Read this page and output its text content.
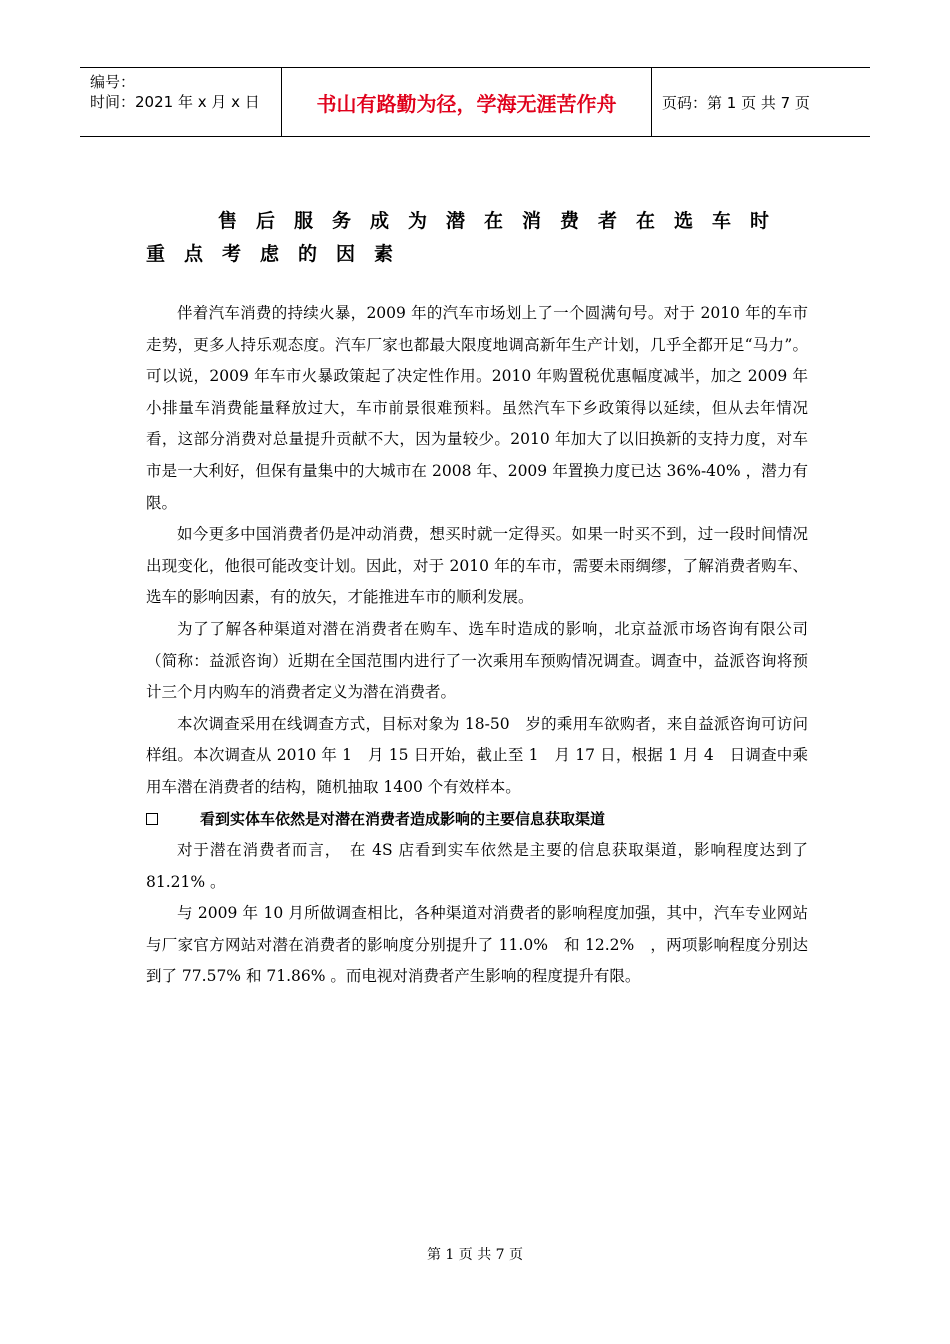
编号：
时间：2021 年 x 月 x 日	书山有路勤为径，学海无涯苦作舟	页码：第 1 页 共 7 页
售后服务成为潜在消费者在选车时
重点考虑的因素

伴着汽车消费的持续火暴，2009 年的汽车市场划上了一个圆满句号。对于 2010 年的车市走势，更多人持乐观态度。汽车厂家也都最大限度地调高新年生产计划，几乎全都开足“马力”。可以说，2009 年车市火暴政策起了决定性作用。2010 年购置税优惠幅度减半，加之 2009 年小排量车消费能量释放过大，车市前景很难预料。虽然汽车下乡政策得以延续，但从去年情况看，这部分消费对总量提升贡献不大，因为量较少。2010 年加大了以旧换新的支持力度，对车市是一大利好，但保有量集中的大城市在 2008 年、2009 年置换力度已达 36%-40% ，潜力有限。

如今更多中国消费者仍是冲动消费，想买时就一定得买。如果一时买不到，过一段时间情况出现变化，他很可能改变计划。因此，对于 2010 年的车市，需要未雨绸缪，了解消费者购车、选车的影响因素，有的放矢，才能推进车市的顺利发展。

为了了解各种渠道对潜在消费者在购车、选车时造成的影响，北京益派市场咨询有限公司（简称：益派咨询）近期在全国范围内进行了一次乘用车预购情况调查。调查中，益派咨询将预计三个月内购车的消费者定义为潜在消费者。

本次调查采用在线调查方式，目标对象为 18-50　岁的乘用车欲购者，来自益派咨询可访问样组。本次调查从 2010 年 1　月 15 日开始，截止至 1　月 17 日，根据 1 月 4　日调查中乘用车潜在消费者的结构，随机抽取 1400 个有效样本。

看到实体车依然是对潜在消费者造成影响的主要信息获取渠道

对于潜在消费者而言，　在 4S 店看到实车依然是主要的信息获取渠道，影响程度达到了 81.21% 。

与 2009 年 10 月所做调查相比，各种渠道对消费者的影响程度加强，其中，汽车专业网站与厂家官方网站对潜在消费者的影响度分别提升了 11.0%　和 12.2%　，两项影响程度分别达到了 77.57% 和 71.86% 。而电视对消费者产生影响的程度提升有限。

第 1 页 共 7 页
